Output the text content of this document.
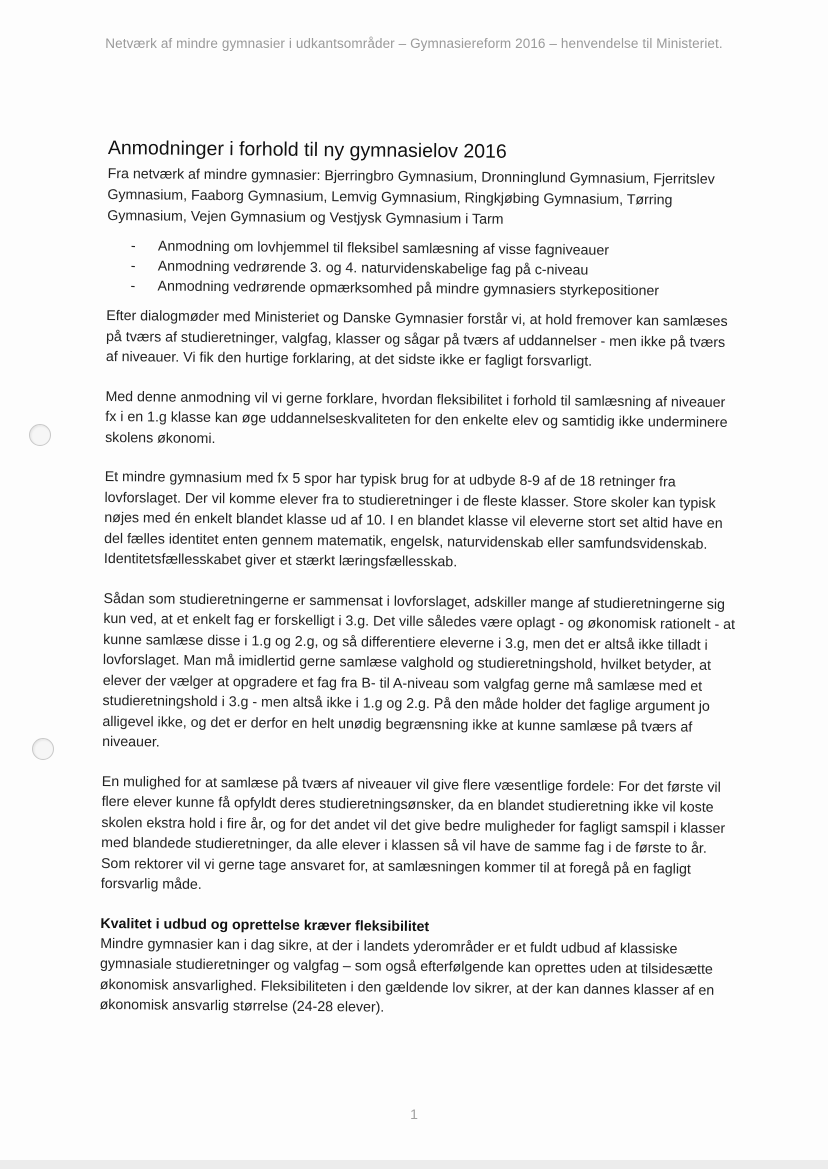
Netværk af mindre gymnasier i udkantsområder – Gymnasiereform 2016 – henvendelse til Ministeriet.
Anmodninger i forhold til ny gymnasielov 2016

Fra netværk af mindre gymnasier: Bjerringbro Gymnasium, Dronninglund Gymnasium, Fjerritslev Gymnasium, Faaborg Gymnasium, Lemvig Gymnasium, Ringkjøbing Gymnasium, Tørring Gymnasium, Vejen Gymnasium og Vestjysk Gymnasium i Tarm

- Anmodning om lovhjemmel til fleksibel samlæsning af visse fagniveauer
- Anmodning vedrørende 3. og 4. naturvidenskabelige fag på c-niveau
- Anmodning vedrørende opmærksomhed på mindre gymnasiers styrkepositioner

Efter dialogmøder med Ministeriet og Danske Gymnasier forstår vi, at hold fremover kan samlæses på tværs af studieretninger, valgfag, klasser og sågar på tværs af uddannelser - men ikke på tværs af niveauer. Vi fik den hurtige forklaring, at det sidste ikke er fagligt forsvarligt.

Med denne anmodning vil vi gerne forklare, hvordan fleksibilitet i forhold til samlæsning af niveauer fx i en 1.g klasse kan øge uddannelseskvaliteten for den enkelte elev og samtidig ikke underminere skolens økonomi.

Et mindre gymnasium med fx 5 spor har typisk brug for at udbyde 8-9 af de 18 retninger fra lovforslaget. Der vil komme elever fra to studieretninger i de fleste klasser. Store skoler kan typisk nøjes med én enkelt blandet klasse ud af 10. I en blandet klasse vil eleverne stort set altid have en del fælles identitet enten gennem matematik, engelsk, naturvidenskab eller samfundsvidenskab. Identitetsfællesskabet giver et stærkt læringsfællesskab.

Sådan som studieretningerne er sammensat i lovforslaget, adskiller mange af studieretningerne sig kun ved, at et enkelt fag er forskelligt i 3.g. Det ville således være oplagt - og økonomisk rationelt - at kunne samlæse disse i 1.g og 2.g, og så differentiere eleverne i 3.g, men det er altså ikke tilladt i lovforslaget. Man må imidlertid gerne samlæse valghold og studieretningshold, hvilket betyder, at elever der vælger at opgradere et fag fra B- til A-niveau som valgfag gerne må samlæse med et studieretningshold i 3.g - men altså ikke i 1.g og 2.g. På den måde holder det faglige argument jo alligevel ikke, og det er derfor en helt unødig begrænsning ikke at kunne samlæse på tværs af niveauer.

En mulighed for at samlæse på tværs af niveauer vil give flere væsentlige fordele: For det første vil flere elever kunne få opfyldt deres studieretningsønsker, da en blandet studieretning ikke vil koste skolen ekstra hold i fire år, og for det andet vil det give bedre muligheder for fagligt samspil i klasser med blandede studieretninger, da alle elever i klassen så vil have de samme fag i de første to år. Som rektorer vil vi gerne tage ansvaret for, at samlæsningen kommer til at foregå på en fagligt forsvarlig måde.

Kvalitet i udbud og oprettelse kræver fleksibilitet

Mindre gymnasier kan i dag sikre, at der i landets yderområder er et fuldt udbud af klassiske gymnasiale studieretninger og valgfag – som også efterfølgende kan oprettes uden at tilsidesætte økonomisk ansvarlighed. Fleksibiliteten i den gældende lov sikrer, at der kan dannes klasser af en økonomisk ansvarlig størrelse (24-28 elever).

1
